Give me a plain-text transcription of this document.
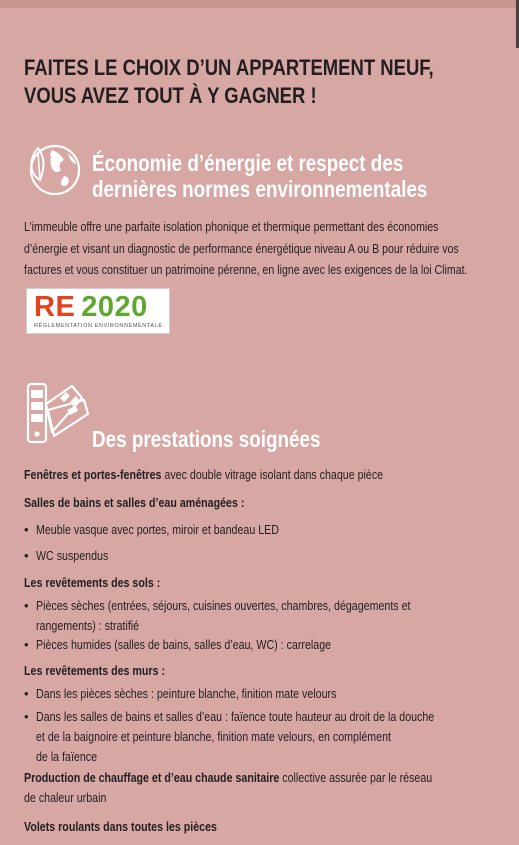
FAITES LE CHOIX D’UN APPARTEMENT NEUF,
VOUS AVEZ TOUT À Y GAGNER !
Économie d’énergie et respect des
dernières normes environnementales

L’immeuble offre une parfaite isolation phonique et thermique permettant des économies
d’énergie et visant un diagnostic de performance énergétique niveau A ou B pour réduire vos
factures et vous constituer un patrimoine pérenne, en ligne avec les exigences de la loi Climat.

RE 2020
RÉGLEMENTATION ENVIRONNEMENTALE
Des prestations soignées

Fenêtres et portes-fenêtres avec double vitrage isolant dans chaque pièce

Salles de bains et salles d’eau aménagées :

• Meuble vasque avec portes, miroir et bandeau LED

• WC suspendus

Les revêtements des sols :

• Pièces sèches (entrées, séjours, cuisines ouvertes, chambres, dégagements et
rangements) : stratifié

• Pièces humides (salles de bains, salles d’eau, WC) : carrelage

Les revêtements des murs :

• Dans les pièces sèches : peinture blanche, finition mate velours

• Dans les salles de bains et salles d’eau : faïence toute hauteur au droit de la douche
et de la baignoire et peinture blanche, finition mate velours, en complément
de la faïence

Production de chauffage et d’eau chaude sanitaire collective assurée par le réseau
de chaleur urbain

Volets roulants dans toutes les pièces
